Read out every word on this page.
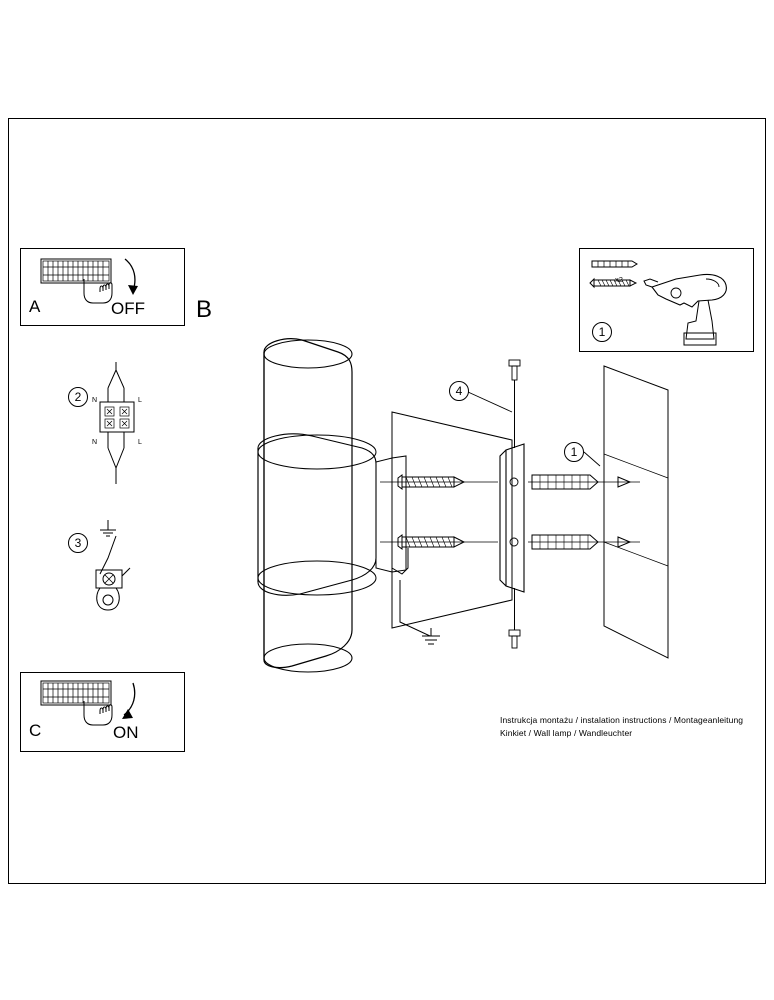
A	OFF
C	ON
1
x2
B
2	N	L
N	L
3
4
1
Instrukcja montażu / instalation instructions / Montageanleitung
Kinkiet / Wall lamp / Wandleuchter
